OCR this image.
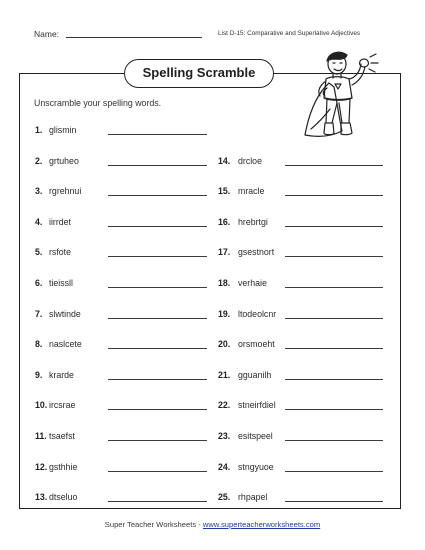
Name:	List D-15: Comparative and Superlative Adjectives
Spelling Scramble
Unscramble your spelling words.
1. glismin
2. grtuheo
3. rgrehnui
4. iirrdet
5. rsfote
6. tieissll
7. slwtinde
8. naslcete
9. krarde
10. ircsrae
11. tsaefst
12. gsthhie
13. dtseluo
14. drcloe
15. mracle
16. hrebrtgi
17. gsestnort
18. verhaie
19. ltodeolcnr
20. orsmoeht
21. gguanilh
22. stneirfdiel
23. esitspeel
24. stngyuoe
25. rhpapel
Super Teacher Worksheets - www.superteacherworksheets.com
